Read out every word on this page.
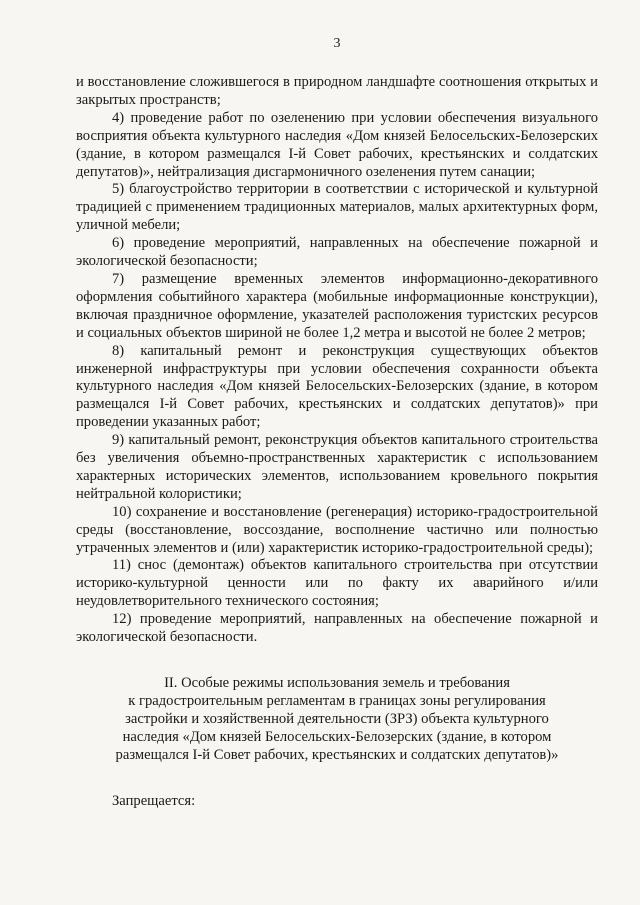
3

и восстановление сложившегося в природном ландшафте соотношения открытых и закрытых пространств;

4) проведение работ по озеленению при условии обеспечения визуального восприятия объекта культурного наследия «Дом князей Белосельских-Белозерских (здание, в котором размещался I-й Совет рабочих, крестьянских и солдатских депутатов)», нейтрализация дисгармоничного озеленения путем санации;

5) благоустройство территории в соответствии с исторической и культурной традицией с применением традиционных материалов, малых архитектурных форм, уличной мебели;

6) проведение мероприятий, направленных на обеспечение пожарной и экологической безопасности;

7) размещение временных элементов информационно-декоративного оформления событийного характера (мобильные информационные конструкции), включая праздничное оформление, указателей расположения туристских ресурсов и социальных объектов шириной не более 1,2 метра и высотой не более 2 метров;

8) капитальный ремонт и реконструкция существующих объектов инженерной инфраструктуры при условии обеспечения сохранности объекта культурного наследия «Дом князей Белосельских-Белозерских (здание, в котором размещался I-й Совет рабочих, крестьянских и солдатских депутатов)» при проведении указанных работ;

9) капитальный ремонт, реконструкция объектов капитального строительства без увеличения объемно-пространственных характеристик с использованием характерных исторических элементов, использованием кровельного покрытия нейтральной колористики;

10) сохранение и восстановление (регенерация) историко-градостроительной среды (восстановление, воссоздание, восполнение частично или полностью утраченных элементов и (или) характеристик историко-градостроительной среды);

11) снос (демонтаж) объектов капитального строительства при отсутствии историко-культурной ценности или по факту их аварийного и/или неудовлетворительного технического состояния;

12) проведение мероприятий, направленных на обеспечение пожарной и экологической безопасности.

II. Особые режимы использования земель и требования
к градостроительным регламентам в границах зоны регулирования
застройки и хозяйственной деятельности (ЗРЗ) объекта культурного
наследия «Дом князей Белосельских-Белозерских (здание, в котором
размещался I-й Совет рабочих, крестьянских и солдатских депутатов)»
Запрещается:
